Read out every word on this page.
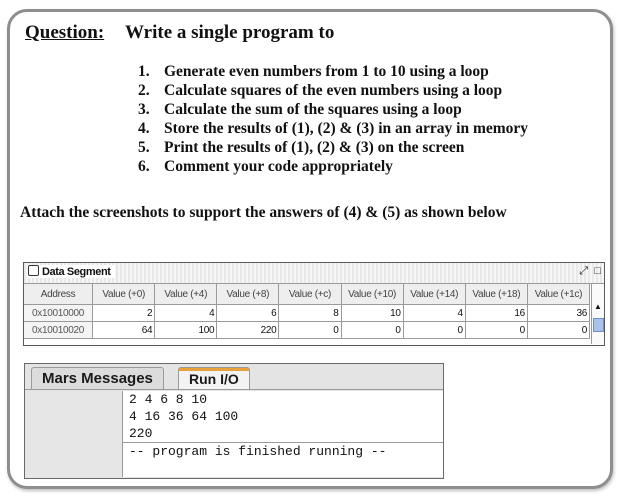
Question: Write a single program to
1. Generate even numbers from 1 to 10 using a loop
2. Calculate squares of the even numbers using a loop
3. Calculate the sum of the squares using a loop
4. Store the results of (1), (2) & (3) in an array in memory
5. Print the results of (1), (2) & (3) on the screen
6. Comment your code appropriately
Attach the screenshots to support the answers of (4) & (5) as shown below
Data Segment	⤢ □
Address	Value (+0)	Value (+4)	Value (+8)	Value (+c)	Value (+10)	Value (+14)	Value (+18)	Value (+1c)
0x10010000	2	4	6	8	10	4	16	36
0x10010020	64	100	220	0	0	0	0	0
▲
Mars Messages	Run I/O
2 4 6 8 10
4 16 36 64 100
220
-- program is finished running --
